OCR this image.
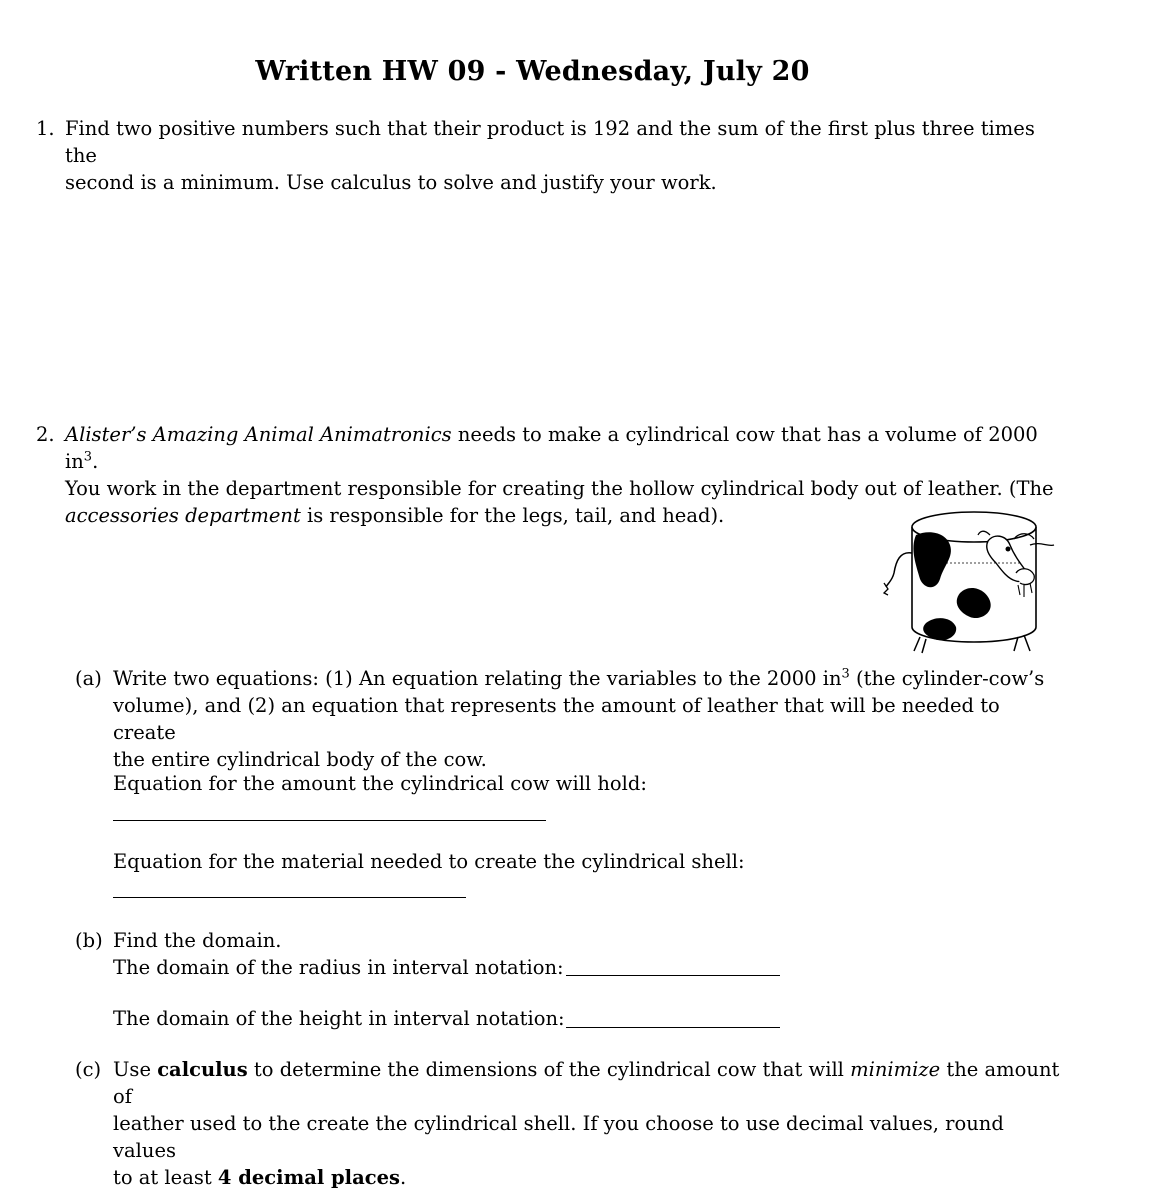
Written HW 09 - Wednesday, July 20
1. Find two positive numbers such that their product is 192 and the sum of the first plus three times the
second is a minimum. Use calculus to solve and justify your work.
2. Alister’s Amazing Animal Animatronics needs to make a cylindrical cow that has a volume of 2000 $in^3$.
You work in the department responsible for creating the hollow cylindrical body out of leather. (The
accessories department is responsible for the legs, tail, and head).
(a) Write two equations: (1) An equation relating the variables to the 2000 $in^3$ (the cylinder-cow’s
volume), and (2) an equation that represents the amount of leather that will be needed to create
the entire cylindrical body of the cow.
Equation for the amount the cylindrical cow will hold:
Equation for the material needed to create the cylindrical shell:
(b) Find the domain.
The domain of the radius in interval notation:
The domain of the height in interval notation:
(c) Use calculus to determine the dimensions of the cylindrical cow that will minimize the amount of
leather used to the create the cylindrical shell. If you choose to use decimal values, round values
to at least 4 decimal places.
